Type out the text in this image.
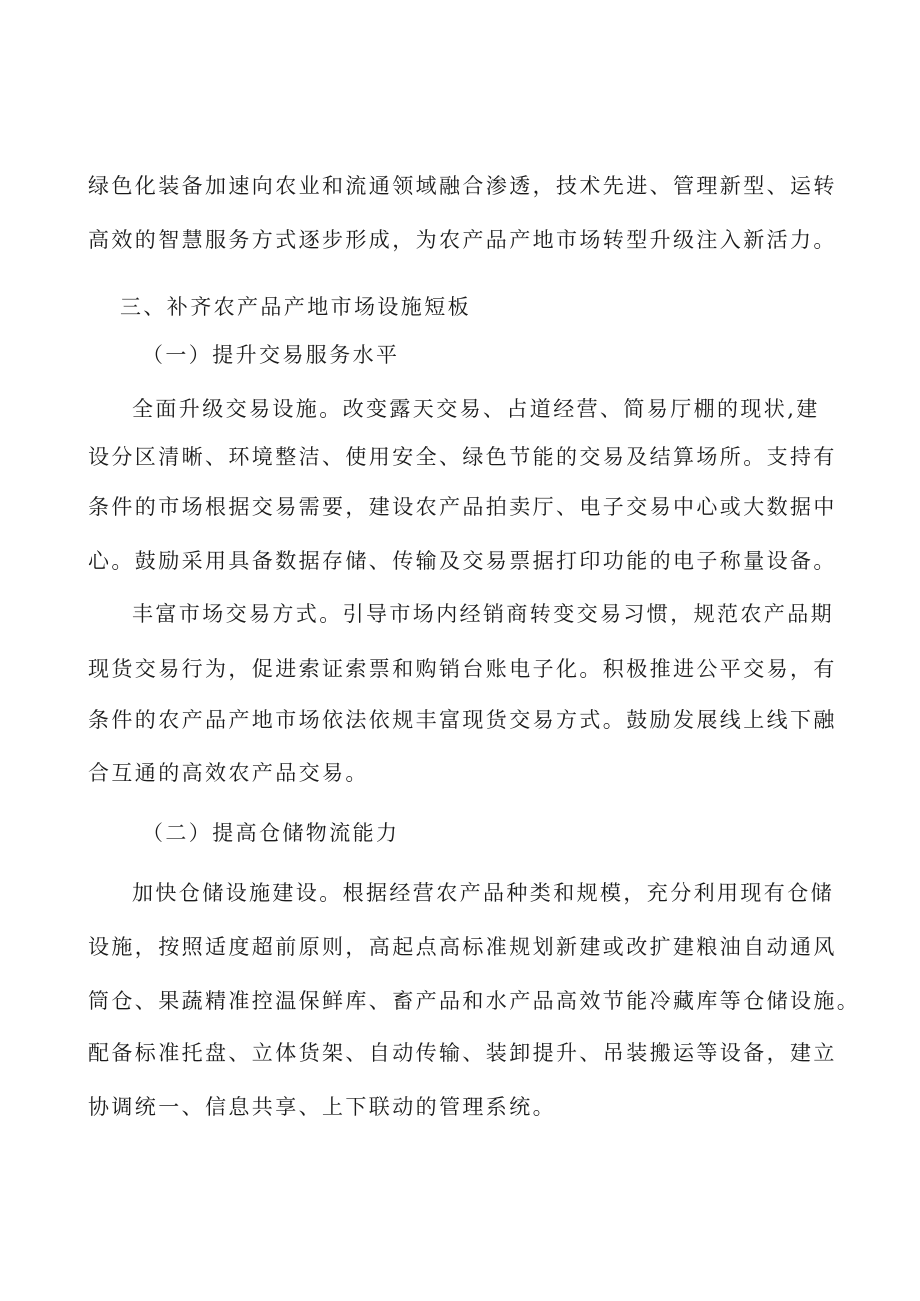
绿色化装备加速向农业和流通领域融合渗透，技术先进、管理新型、运转
高效的智慧服务方式逐步形成，为农产品产地市场转型升级注入新活力。
三、补齐农产品产地市场设施短板
（一）提升交易服务水平
全面升级交易设施。改变露天交易、占道经营、简易厅棚的现状,建
设分区清晰、环境整洁、使用安全、绿色节能的交易及结算场所。支持有
条件的市场根据交易需要，建设农产品拍卖厅、电子交易中心或大数据中
心。鼓励采用具备数据存储、传输及交易票据打印功能的电子称量设备。
丰富市场交易方式。引导市场内经销商转变交易习惯，规范农产品期
现货交易行为，促进索证索票和购销台账电子化。积极推进公平交易，有
条件的农产品产地市场依法依规丰富现货交易方式。鼓励发展线上线下融
合互通的高效农产品交易。
（二）提高仓储物流能力
加快仓储设施建设。根据经营农产品种类和规模，充分利用现有仓储
设施，按照适度超前原则，高起点高标准规划新建或改扩建粮油自动通风
筒仓、果蔬精准控温保鲜库、畜产品和水产品高效节能冷藏库等仓储设施。
配备标准托盘、立体货架、自动传输、装卸提升、吊装搬运等设备，建立
协调统一、信息共享、上下联动的管理系统。
